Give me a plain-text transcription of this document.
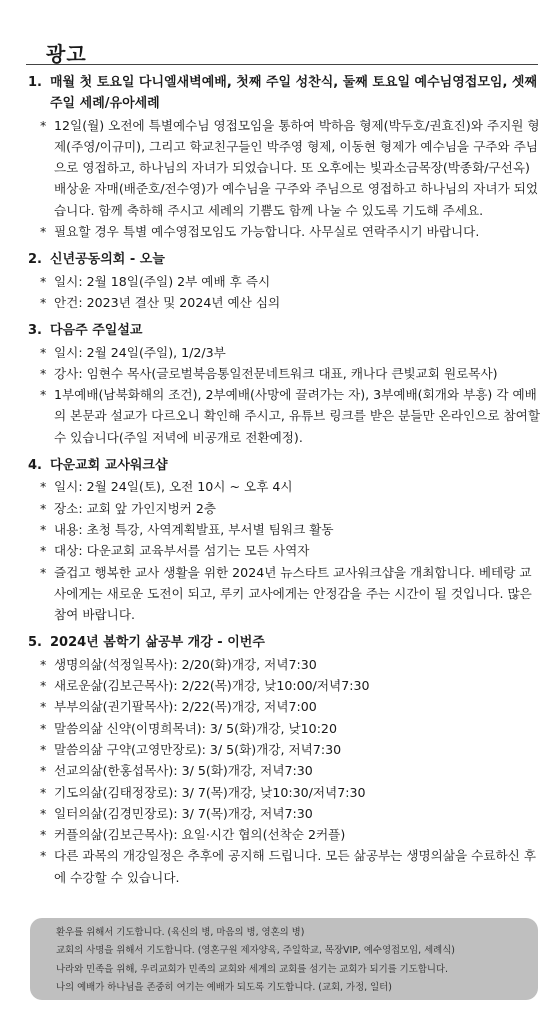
광고
1. 매월 첫 토요일 다니엘새벽예배, 첫째 주일 성찬식, 둘째 토요일 예수님영접모임, 셋째 주일 세례/유아세례
* 12일(월) 오전에 특별예수님 영접모임을 통하여 박하음 형제(박두호/권효진)와 주지원 형제(주영/이규미), 그리고 학교친구들인 박주영 형제, 이동현 형제가 예수님을 구주와 주님으로 영접하고, 하나님의 자녀가 되었습니다. 또 오후에는 빛과소금목장(박종화/구선옥) 배상윤 자매(배준호/전수영)가 예수님을 구주와 주님으로 영접하고 하나님의 자녀가 되었습니다. 함께 축하해 주시고 세례의 기쁨도 함께 나눌 수 있도록 기도해 주세요.
* 필요할 경우 특별 예수영접모임도 가능합니다. 사무실로 연락주시기 바랍니다.
2. 신년공동의회 - 오늘
* 일시: 2월 18일(주일) 2부 예배 후 즉시
* 안건: 2023년 결산 및 2024년 예산 심의
3. 다음주 주일설교
* 일시: 2월 24일(주일), 1/2/3부
* 강사: 임현수 목사(글로벌북음통일전문네트워크 대표, 캐나다 큰빛교회 원로목사)
* 1부예배(남북화해의 조건), 2부예배(사망에 끌려가는 자), 3부예배(회개와 부흥) 각 예배의 본문과 설교가 다르오니 확인해 주시고, 유튜브 링크를 받은 분들만 온라인으로 참여할 수 있습니다(주일 저녁에 비공개로 전환예정).
4. 다운교회 교사워크샵
* 일시: 2월 24일(토), 오전 10시 ~ 오후 4시
* 장소: 교회 앞 가인지벙커 2층
* 내용: 초청 특강, 사역계획발표, 부서별 팀워크 활동
* 대상: 다운교회 교육부서를 섬기는 모든 사역자
* 즐겁고 행복한 교사 생활을 위한 2024년 뉴스타트 교사워크샵을 개최합니다. 베테랑 교사에게는 새로운 도전이 되고, 루키 교사에게는 안정감을 주는 시간이 될 것입니다. 많은 참여 바랍니다.
5. 2024년 봄학기 삶공부 개강 - 이번주
* 생명의삶(석정일목사): 2/20(화)개강, 저녁7:30
* 새로운삶(김보근목사): 2/22(목)개강, 낮10:00/저녁7:30
* 부부의삶(권기팔목사): 2/22(목)개강, 저녁7:00
* 말씀의삶 신약(이명희목녀): 3/ 5(화)개강, 낮10:20
* 말씀의삶 구약(고영만장로): 3/ 5(화)개강, 저녁7:30
* 선교의삶(한홍섭목사): 3/ 5(화)개강, 저녁7:30
* 기도의삶(김태정장로): 3/ 7(목)개강, 낮10:30/저녁7:30
* 일터의삶(김경민장로): 3/ 7(목)개강, 저녁7:30
* 커플의삶(김보근목사): 요일·시간 협의(선착순 2커플)
* 다른 과목의 개강일정은 추후에 공지해 드립니다. 모든 삶공부는 생명의삶을 수료하신 후에 수강할 수 있습니다.
환우를 위해서 기도합니다. (육신의 병, 마음의 병, 영혼의 병)
교회의 사명을 위해서 기도합니다. (영혼구원 제자양육, 주일학교, 목장VIP, 예수영접모임, 세례식)
나라와 민족을 위해, 우리교회가 민족의 교회와 세계의 교회를 섬기는 교회가 되기를 기도합니다.
나의 예배가 하나님을 존중히 여기는 예배가 되도록 기도합니다. (교회, 가정, 일터)
